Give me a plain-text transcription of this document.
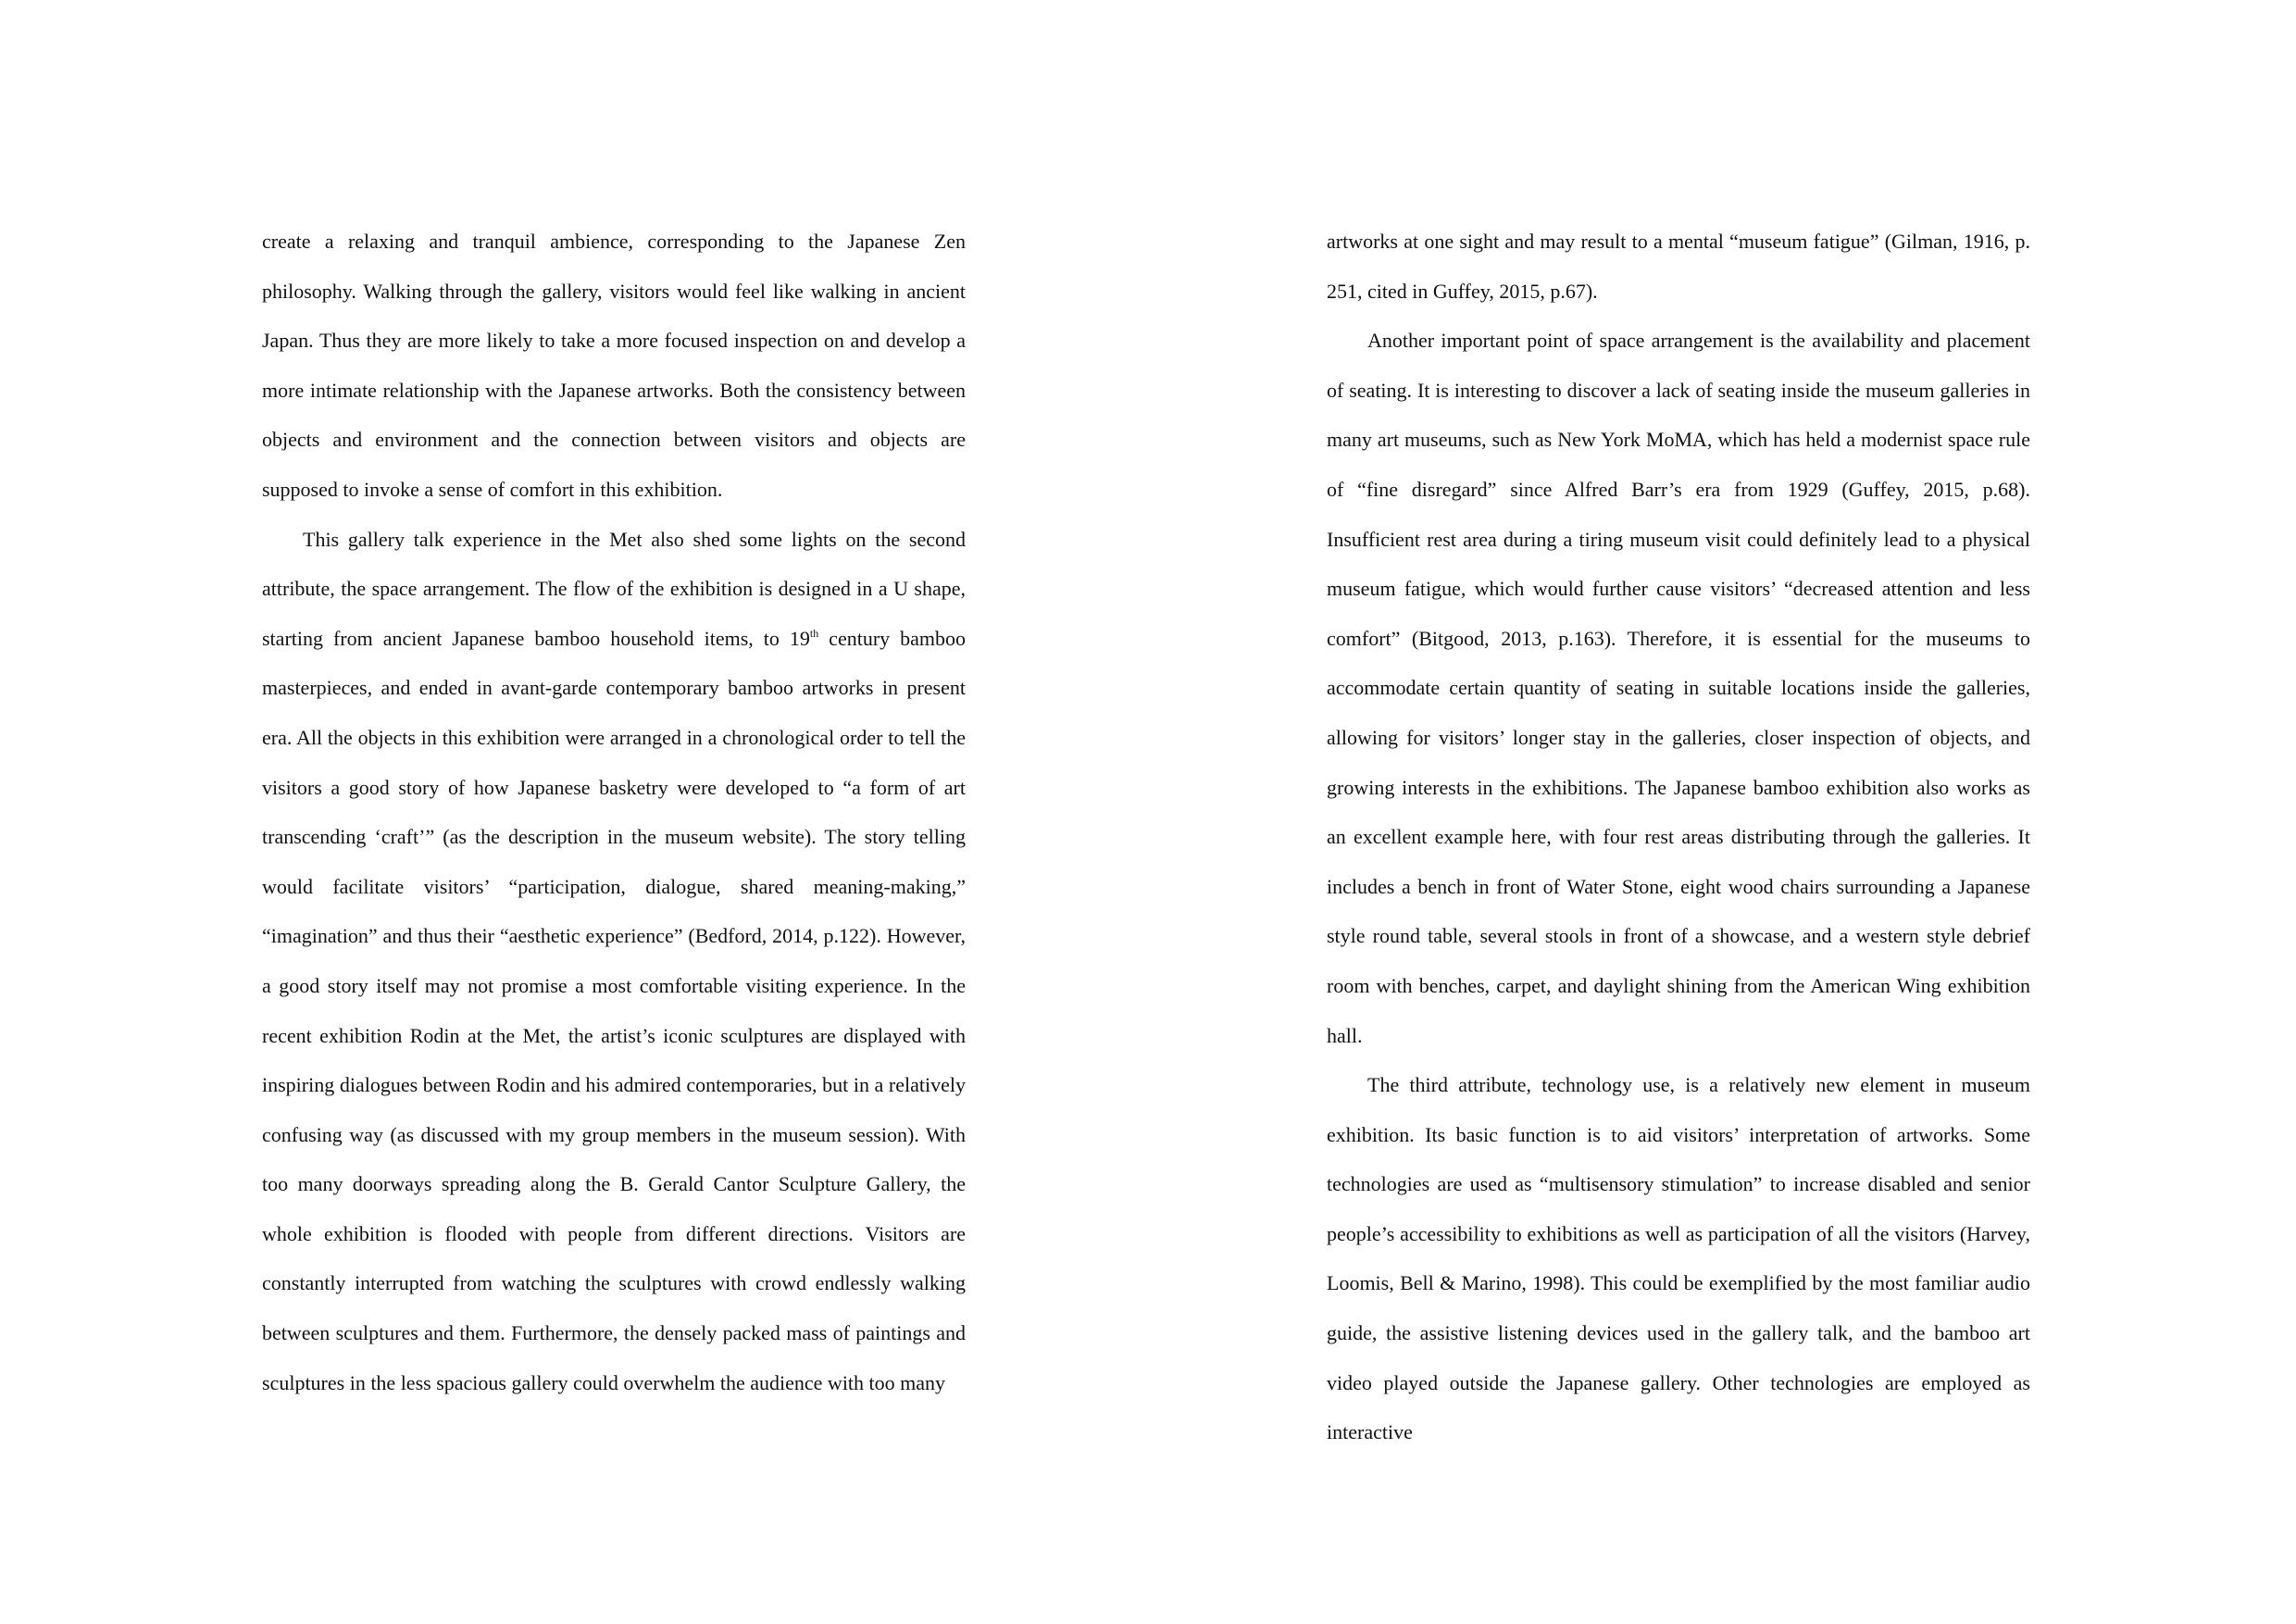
create a relaxing and tranquil ambience, corresponding to the Japanese Zen philosophy. Walking through the gallery, visitors would feel like walking in ancient Japan. Thus they are more likely to take a more focused inspection on and develop a more intimate relationship with the Japanese artworks. Both the consistency between objects and environment and the connection between visitors and objects are supposed to invoke a sense of comfort in this exhibition.

This gallery talk experience in the Met also shed some lights on the second attribute, the space arrangement. The flow of the exhibition is designed in a U shape, starting from ancient Japanese bamboo household items, to 19th century bamboo masterpieces, and ended in avant-garde contemporary bamboo artworks in present era. All the objects in this exhibition were arranged in a chronological order to tell the visitors a good story of how Japanese basketry were developed to “a form of art transcending ‘craft’” (as the description in the museum website). The story telling would facilitate visitors’ “participation, dialogue, shared meaning-making,” “imagination” and thus their “aesthetic experience” (Bedford, 2014, p.122). However, a good story itself may not promise a most comfortable visiting experience. In the recent exhibition Rodin at the Met, the artist’s iconic sculptures are displayed with inspiring dialogues between Rodin and his admired contemporaries, but in a relatively confusing way (as discussed with my group members in the museum session). With too many doorways spreading along the B. Gerald Cantor Sculpture Gallery, the whole exhibition is flooded with people from different directions. Visitors are constantly interrupted from watching the sculptures with crowd endlessly walking between sculptures and them. Furthermore, the densely packed mass of paintings and sculptures in the less spacious gallery could overwhelm the audience with too many

artworks at one sight and may result to a mental “museum fatigue” (Gilman, 1916, p. 251, cited in Guffey, 2015, p.67).

Another important point of space arrangement is the availability and placement of seating. It is interesting to discover a lack of seating inside the museum galleries in many art museums, such as New York MoMA, which has held a modernist space rule of “fine disregard” since Alfred Barr’s era from 1929 (Guffey, 2015, p.68). Insufficient rest area during a tiring museum visit could definitely lead to a physical museum fatigue, which would further cause visitors’ “decreased attention and less comfort” (Bitgood, 2013, p.163). Therefore, it is essential for the museums to accommodate certain quantity of seating in suitable locations inside the galleries, allowing for visitors’ longer stay in the galleries, closer inspection of objects, and growing interests in the exhibitions. The Japanese bamboo exhibition also works as an excellent example here, with four rest areas distributing through the galleries. It includes a bench in front of Water Stone, eight wood chairs surrounding a Japanese style round table, several stools in front of a showcase, and a western style debrief room with benches, carpet, and daylight shining from the American Wing exhibition hall.

The third attribute, technology use, is a relatively new element in museum exhibition. Its basic function is to aid visitors’ interpretation of artworks. Some technologies are used as “multisensory stimulation” to increase disabled and senior people’s accessibility to exhibitions as well as participation of all the visitors (Harvey, Loomis, Bell & Marino, 1998). This could be exemplified by the most familiar audio guide, the assistive listening devices used in the gallery talk, and the bamboo art video played outside the Japanese gallery. Other technologies are employed as interactive
